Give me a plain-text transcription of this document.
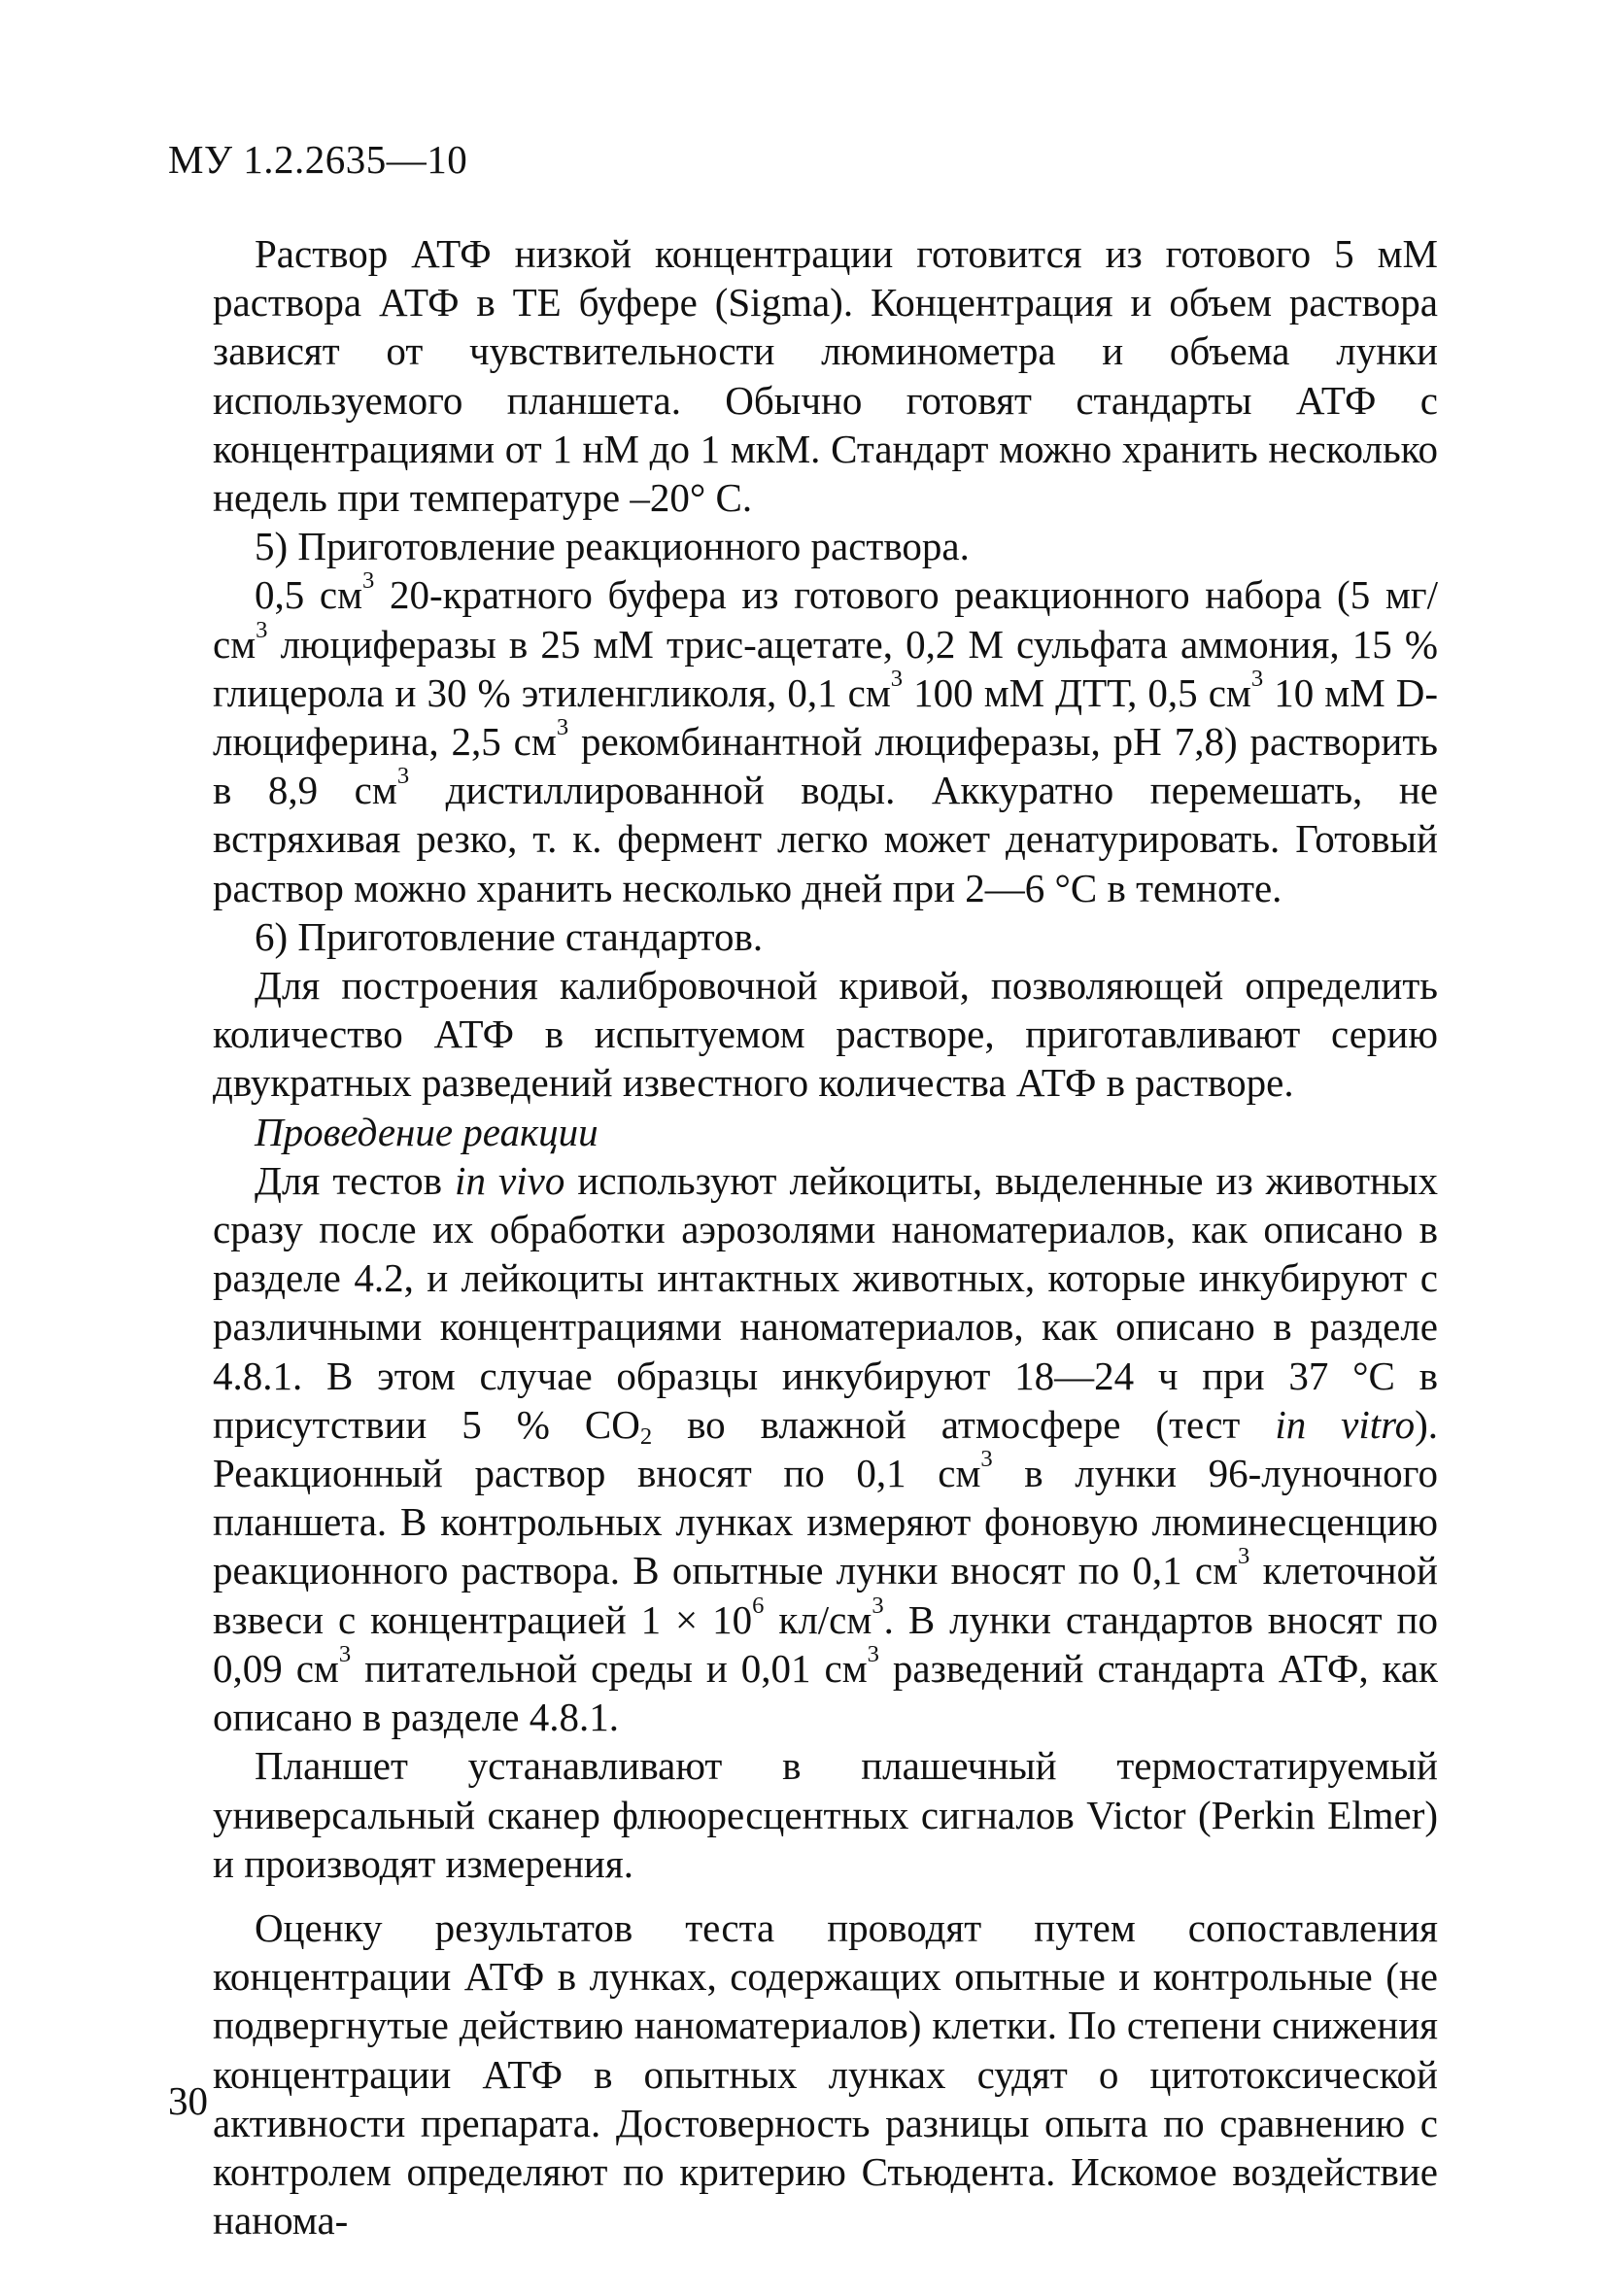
МУ 1.2.2635—10

Раствор АТФ низкой концентрации готовится из готового 5 мМ раствора АТФ в ТЕ буфере (Sigma). Концентрация и объем раствора зависят от чувствительности люминометра и объема лунки используемого планшета. Обычно готовят стандарты АТФ с концентрациями от 1 нМ до 1 мкМ. Стандарт можно хранить несколько недель при температуре –20° С.

5) Приготовление реакционного раствора.

0,5 $см^3$ 20-кратного буфера из готового реакционного набора (5 $мг/см^3$ люциферазы в 25 мМ трис-ацетате, 0,2 М сульфата аммония, 15 % глицерола и 30 % этиленгликоля, 0,1 $см^3$ 100 мМ ДТТ, 0,5 $см^3$ 10 мМ D-люциферина, 2,5 $см^3$ рекомбинантной люциферазы, pH 7,8) растворить в 8,9 $см^3$ дистиллированной воды. Аккуратно перемешать, не встряхивая резко, т. к. фермент легко может денатурировать. Готовый раствор можно хранить несколько дней при 2—6 °С в темноте.

6) Приготовление стандартов.

Для построения калибровочной кривой, позволяющей определить количество АТФ в испытуемом растворе, приготавливают серию двукратных разведений известного количества АТФ в растворе.

Проведение реакции

Для тестов in vivo используют лейкоциты, выделенные из животных сразу после их обработки аэрозолями наноматериалов, как описано в разделе 4.2, и лейкоциты интактных животных, которые инкубируют с различными концентрациями наноматериалов, как описано в разделе 4.8.1. В этом случае образцы инкубируют 18—24 ч при 37 °С в присутствии 5 % $СО_2$ во влажной атмосфере (тест in vitro). Реакционный раствор вносят по 0,1 $см^3$ в лунки 96-луночного планшета. В контрольных лунках измеряют фоновую люминесценцию реакционного раствора. В опытные лунки вносят по 0,1 $см^3$ клеточной взвеси с концентрацией $1 \times 10^6$ $кл/см^3$. В лунки стандартов вносят по 0,09 $см^3$ питательной среды и 0,01 $см^3$ разведений стандарта АТФ, как описано в разделе 4.8.1.

Планшет устанавливают в плашечный термостатируемый универсальный сканер флюоресцентных сигналов Victor (Perkin Elmer) и производят измерения.

Оценку результатов теста проводят путем сопоставления концентрации АТФ в лунках, содержащих опытные и контрольные (не подвергнутые действию наноматериалов) клетки. По степени снижения концентрации АТФ в опытных лунках судят о цитотоксической активности препарата. Достоверность разницы опыта по сравнению с контролем определяют по критерию Стьюдента. Искомое воздействие нанома-

30
